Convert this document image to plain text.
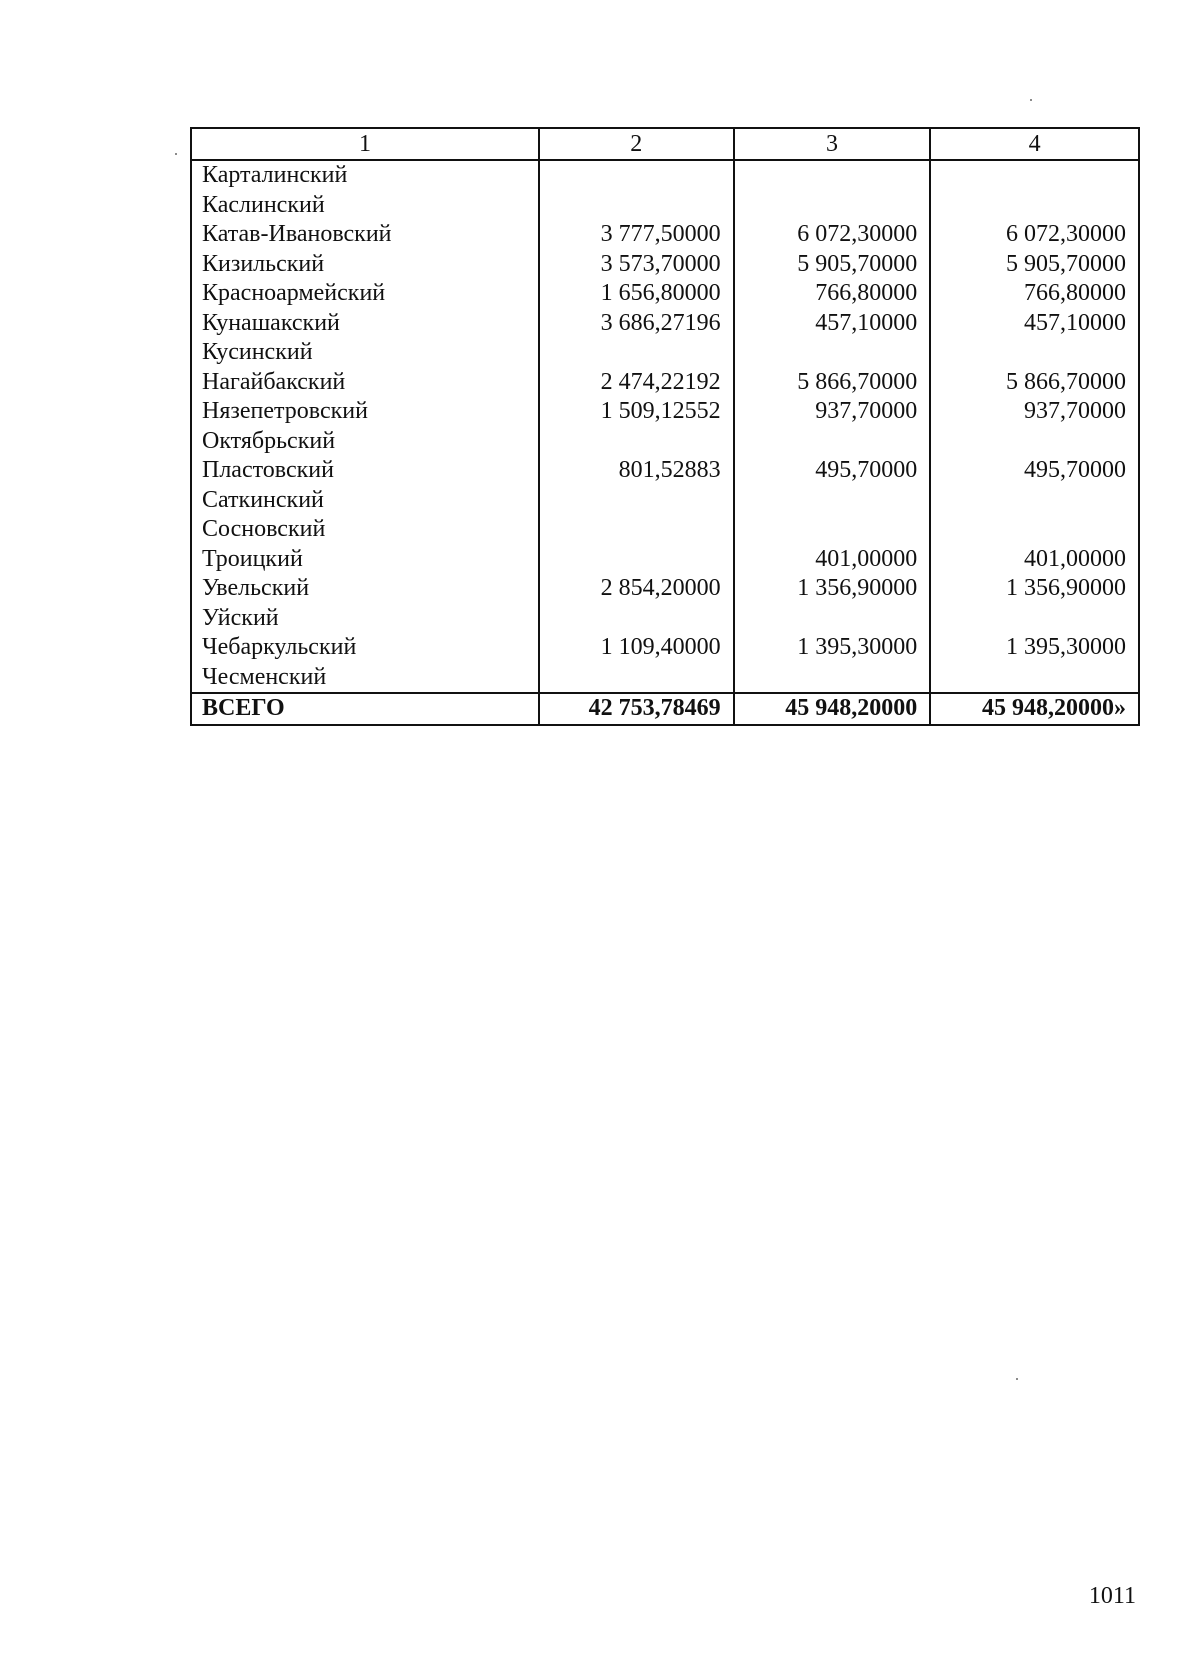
1	2	3	4
Карталинский			
Каслинский			
Катав-Ивановский	3 777,50000	6 072,30000	6 072,30000
Кизильский	3 573,70000	5 905,70000	5 905,70000
Красноармейский	1 656,80000	766,80000	766,80000
Кунашакский	3 686,27196	457,10000	457,10000
Кусинский			
Нагайбакский	2 474,22192	5 866,70000	5 866,70000
Нязепетровский	1 509,12552	937,70000	937,70000
Октябрьский			
Пластовский	801,52883	495,70000	495,70000
Саткинский			
Сосновский			
Троицкий		401,00000	401,00000
Увельский	2 854,20000	1 356,90000	1 356,90000
Уйский			
Чебаркульский	1 109,40000	1 395,30000	1 395,30000
Чесменский			
ВСЕГО	42 753,78469	45 948,20000	45 948,20000»
1011
